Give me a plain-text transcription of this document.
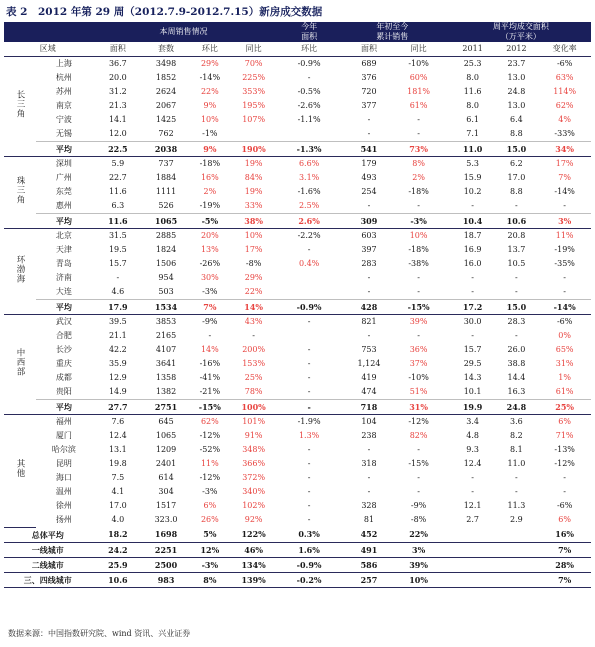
表 2　2012 年第 29 周（2012.7.9-2012.7.15）新房成交数据
		本周销售情况					今年
面积		年初至今
累计销售			周平均成交面积
（万平米）		

区域		面积	套数	环比	同比		环比		面积	同比		2011	2012	变化率

长三角	上海	36.7	3498	29%	70%		-0.9%		689	-10%		25.3	23.7	-6%
	杭州	20.0	1852	-14%	225%		-		376	60%		8.0	13.0	63%
	苏州	31.2	2624	22%	353%		-0.5%		720	181%		11.6	24.8	114%
	南京	21.3	2067	9%	195%		-2.6%		377	61%		8.0	13.0	62%
	宁波	14.1	1425	10%	107%		-1.1%		-	-		6.1	6.4	4%
	无锡	12.0	762	-1%					-	-		7.1	8.8	-33%
	平均	22.5	2038	9%	190%		-1.3%		541	73%		11.0	15.0	34%
珠三角	深圳	5.9	737	-18%	19%		6.6%		179	8%		5.3	6.2	17%
	广州	22.7	1884	16%	84%		3.1%		493	2%		15.9	17.0	7%
	东莞	11.6	1111	2%	19%		-1.6%		254	-18%		10.2	8.8	-14%
	惠州	6.3	526	-19%	33%		2.5%		-	-		-	-	-
	平均	11.6	1065	-5%	38%		2.6%		309	-3%		10.4	10.6	3%
环渤海	北京	31.5	2885	20%	10%		-2.2%		603	10%		18.7	20.8	11%
	天津	19.5	1824	13%	17%		-		397	-18%		16.9	13.7	-19%
	青岛	15.7	1506	-26%	-8%		0.4%		283	-38%		16.0	10.5	-35%
	济南	-	954	30%	29%				-	-		-	-	-
	大连	4.6	503	-3%	22%				-	-		-	-	-
	平均	17.9	1534	7%	14%		-0.9%		428	-15%		17.2	15.0	-14%
中西部	武汉	39.5	3853	-9%	43%		-		821	39%		30.0	28.3	-6%
	合肥	21.1	2165	-	-				-	-		-	-	0%
	长沙	42.2	4107	14%	200%		-		753	36%		15.7	26.0	65%
	重庆	35.9	3641	-16%	153%		-		1,124	37%		29.5	38.8	31%
	成都	12.9	1358	-41%	25%		-		419	-10%		14.3	14.4	1%
	贵阳	14.9	1382	-21%	78%		-		474	51%		10.1	16.3	61%
	平均	27.7	2751	-15%	100%		-		718	31%		19.9	24.8	25%
其他	福州	7.6	645	62%	101%		-1.9%		104	-12%		3.4	3.6	6%
	厦门	12.4	1065	-12%	91%		1.3%		238	82%		4.8	8.2	71%
	哈尔滨	13.1	1209	-52%	348%		-		-	-		9.3	8.1	-13%
	昆明	19.8	2401	11%	366%		-		318	-15%		12.4	11.0	-12%
	海口	7.5	614	-12%	372%		-		-	-		-	-	-
	温州	4.1	304	-3%	340%		-		-	-		-	-	-
	徐州	17.0	1517	6%	102%		-		328	-9%		12.1	11.3	-6%
	扬州	4.0	323.0	26%	92%		-		81	-8%		2.7	2.9	6%
总体平均		18.2	1698	5%	122%		0.3%		452	22%				16%
一线城市		24.2	2251	12%	46%		1.6%		491	3%				7%
二线城市		25.9	2500	-3%	134%		-0.9%		586	39%				28%
三、四线城市		10.6	983	8%	139%		-0.2%		257	10%				7%
数据来源：中国指数研究院、wind 资讯、兴业证券
